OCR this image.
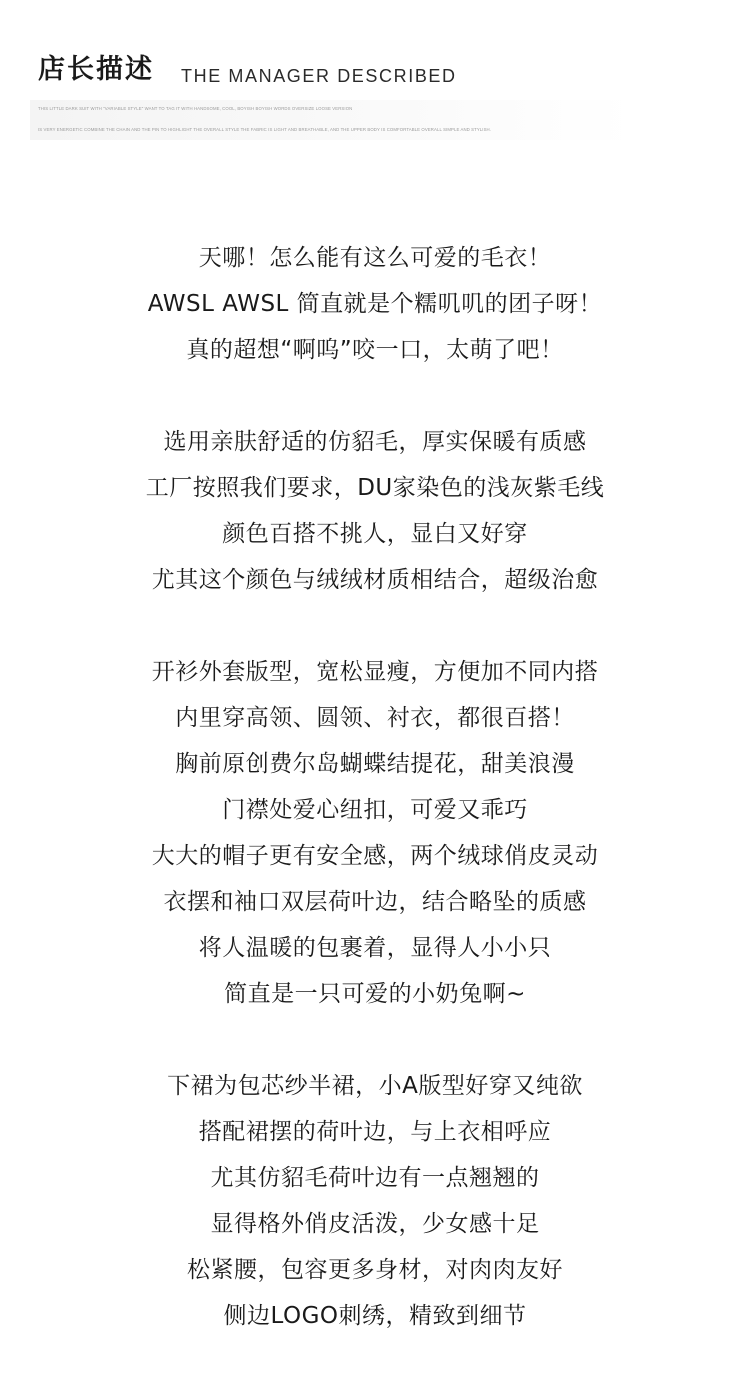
店长描述 THE MANAGER DESCRIBED
THIS LITTLE DARK SUIT WITH "VARIABLE STYLE" WANT TO TAG IT WITH HANDSOME, COOL, BOYISH BOYISH WORDS OVERSIZE LOOSE VERSION
IS VERY ENERGETIC COMBINE THE CHAIN AND THE PIN TO HIGHLIGHT THE OVERALL STYLE THE FABRIC IS LIGHT AND BREATHABLE, AND THE UPPER BODY IS COMFORTABLE OVERALL SIMPLE AND STYLISH.
天哪！怎么能有这么可爱的毛衣！
AWSL AWSL 简直就是个糯叽叽的团子呀！
真的超想“啊呜”咬一口，太萌了吧！
选用亲肤舒适的仿貂毛，厚实保暖有质感
工厂按照我们要求，DU家染色的浅灰紫毛线
颜色百搭不挑人，显白又好穿
尤其这个颜色与绒绒材质相结合，超级治愈
开衫外套版型，宽松显瘦，方便加不同内搭
内里穿高领、圆领、衬衣，都很百搭！
胸前原创费尔岛蝴蝶结提花，甜美浪漫
门襟处爱心纽扣，可爱又乖巧
大大的帽子更有安全感，两个绒球俏皮灵动
衣摆和袖口双层荷叶边，结合略坠的质感
将人温暖的包裹着，显得人小小只
简直是一只可爱的小奶兔啊~
下裙为包芯纱半裙，小A版型好穿又纯欲
搭配裙摆的荷叶边，与上衣相呼应
尤其仿貂毛荷叶边有一点翘翘的
显得格外俏皮活泼，少女感十足
松紧腰，包容更多身材，对肉肉友好
侧边LOGO刺绣，精致到细节
